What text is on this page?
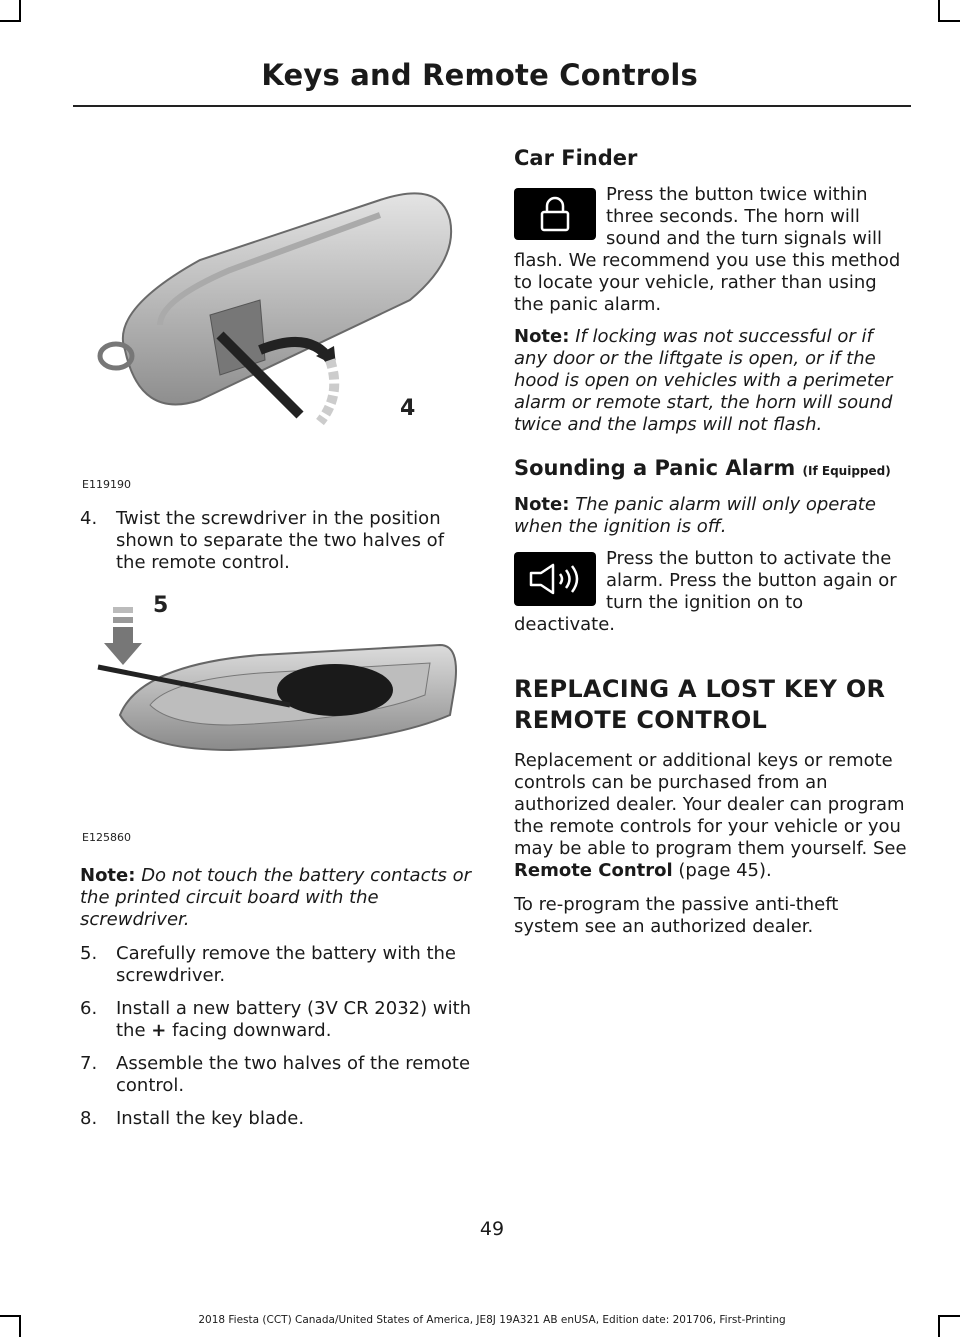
Keys and Remote Controls
4
E119190
4. Twist the screwdriver in the position shown to separate the two halves of the remote control.
5
E125860

Note: Do not touch the battery contacts or the printed circuit board with the screwdriver.

5. Carefully remove the battery with the screwdriver.
6. Install a new battery (3V CR 2032) with the + facing downward.
7. Assemble the two halves of the remote control.
8. Install the key blade.
Car Finder

Press the button twice within three seconds. The horn will sound and the turn signals will flash. We recommend you use this method to locate your vehicle, rather than using the panic alarm.

Note: If locking was not successful or if any door or the liftgate is open, or if the hood is open on vehicles with a perimeter alarm or remote start, the horn will sound twice and the lamps will not flash.

Sounding a Panic Alarm (If Equipped)

Note: The panic alarm will only operate when the ignition is off.

Press the button to activate the alarm. Press the button again or turn the ignition on to deactivate.

REPLACING A LOST KEY OR
REMOTE CONTROL

Replacement or additional keys or remote controls can be purchased from an authorized dealer. Your dealer can program the remote controls for your vehicle or you may be able to program them yourself. See Remote Control (page 45).

To re-program the passive anti-theft system see an authorized dealer.

49
2018 Fiesta (CCT) Canada/United States of America, JE8J 19A321 AB enUSA, Edition date: 201706, First-Printing
